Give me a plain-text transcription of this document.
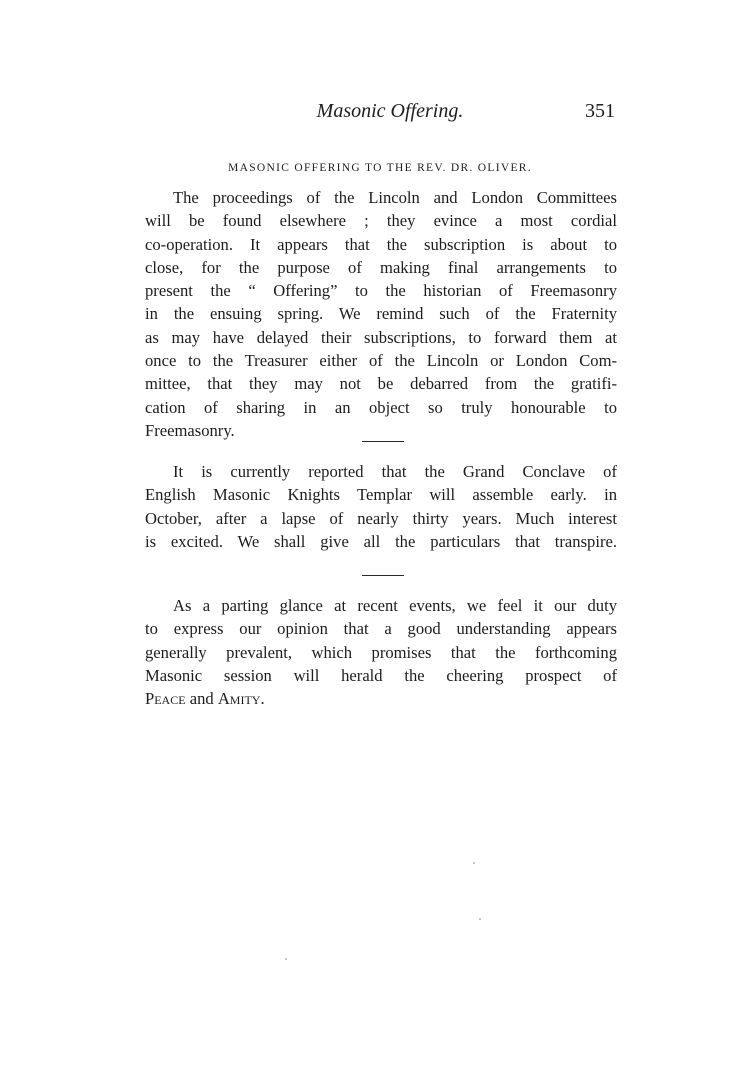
Masonic Offering.	351
MASONIC OFFERING TO THE REV. DR. OLIVER.
The proceedings of the Lincoln and London Committees
will be found elsewhere ; they evince a most cordial
co-operation. It appears that the subscription is about to
close, for the purpose of making final arrangements to
present the “ Offering” to the historian of Freemasonry
in the ensuing spring. We remind such of the Fraternity
as may have delayed their subscriptions, to forward them at
once to the Treasurer either of the Lincoln or London Com-
mittee, that they may not be debarred from the gratifi-
cation of sharing in an object so truly honourable to
Freemasonry.
It is currently reported that the Grand Conclave of
English Masonic Knights Templar will assemble early. in
October, after a lapse of nearly thirty years. Much interest
is excited. We shall give all the particulars that transpire.
As a parting glance at recent events, we feel it our duty
to express our opinion that a good understanding appears
generally prevalent, which promises that the forthcoming
Masonic session will herald the cheering prospect of
Peace and Amity.
